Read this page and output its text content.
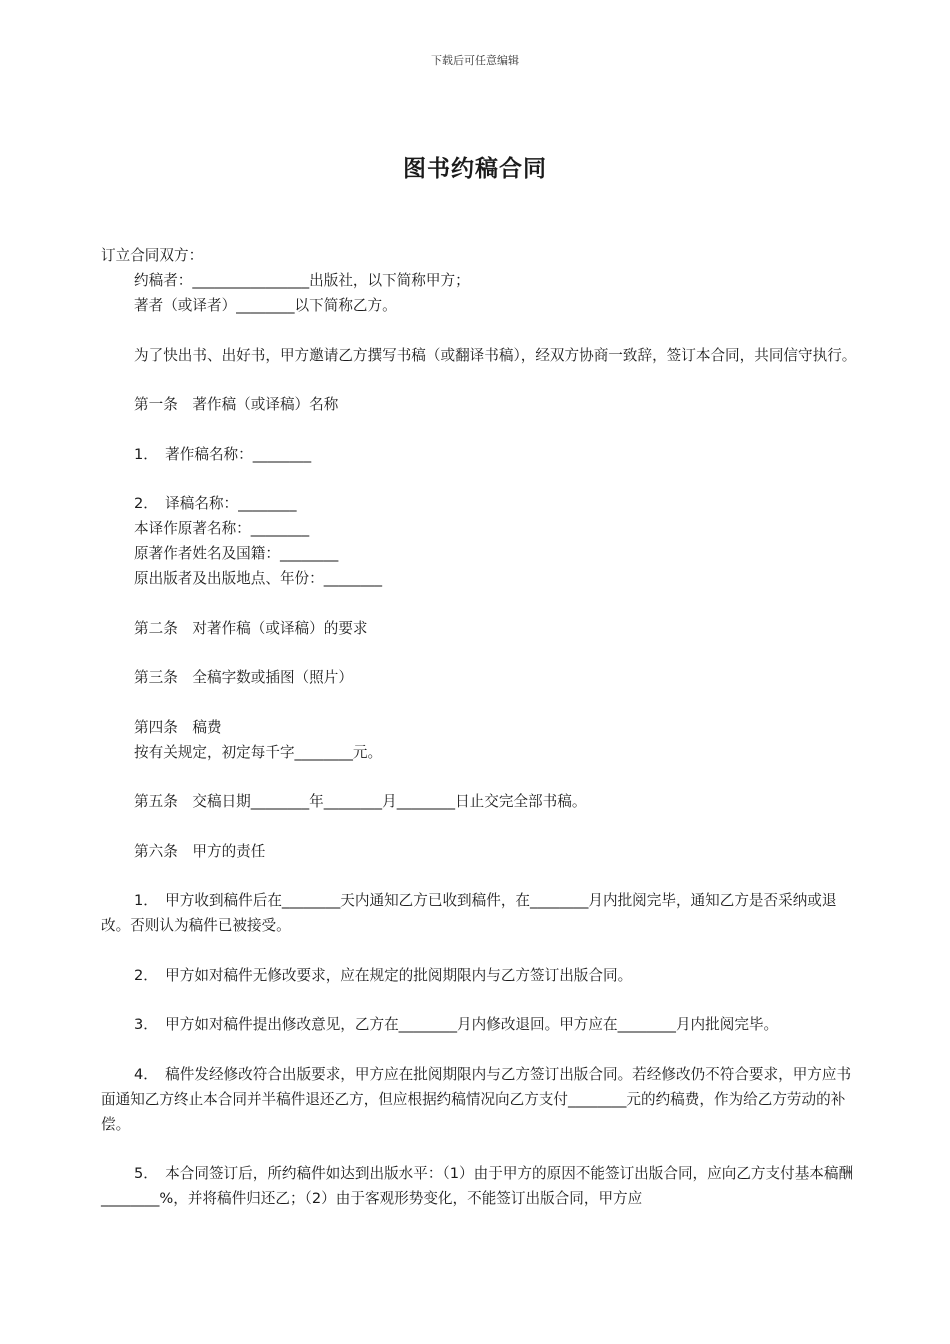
下载后可任意编辑
图书约稿合同

订立合同双方：

约稿者：________________出版社，以下简称甲方；

著者（或译者）________以下简称乙方。

为了快出书、出好书，甲方邀请乙方撰写书稿（或翻译书稿），经双方协商一致辞，签订本合同，共同信守执行。

第一条　著作稿（或译稿）名称

1．　著作稿名称：________

2．　译稿名称：________

本译作原著名称：________

原著作者姓名及国籍：________

原出版者及出版地点、年份：________

第二条　对著作稿（或译稿）的要求

第三条　全稿字数或插图（照片）

第四条　稿费

按有关规定，初定每千字________元。

第五条　交稿日期________年________月________日止交完全部书稿。

第六条　甲方的责任

1．　甲方收到稿件后在________天内通知乙方已收到稿件，在________月内批阅完毕，通知乙方是否采纳或退改。否则认为稿件已被接受。

2．　甲方如对稿件无修改要求，应在规定的批阅期限内与乙方签订出版合同。

3．　甲方如对稿件提出修改意见，乙方在________月内修改退回。甲方应在________月内批阅完毕。

4．　稿件发经修改符合出版要求，甲方应在批阅期限内与乙方签订出版合同。若经修改仍不符合要求，甲方应书面通知乙方终止本合同并半稿件退还乙方，但应根据约稿情况向乙方支付________元的约稿费，作为给乙方劳动的补偿。

5．　本合同签订后，所约稿件如达到出版水平：（1）由于甲方的原因不能签订出版合同，应向乙方支付基本稿酬________%，并将稿件归还乙；（2）由于客观形势变化，不能签订出版合同，甲方应
